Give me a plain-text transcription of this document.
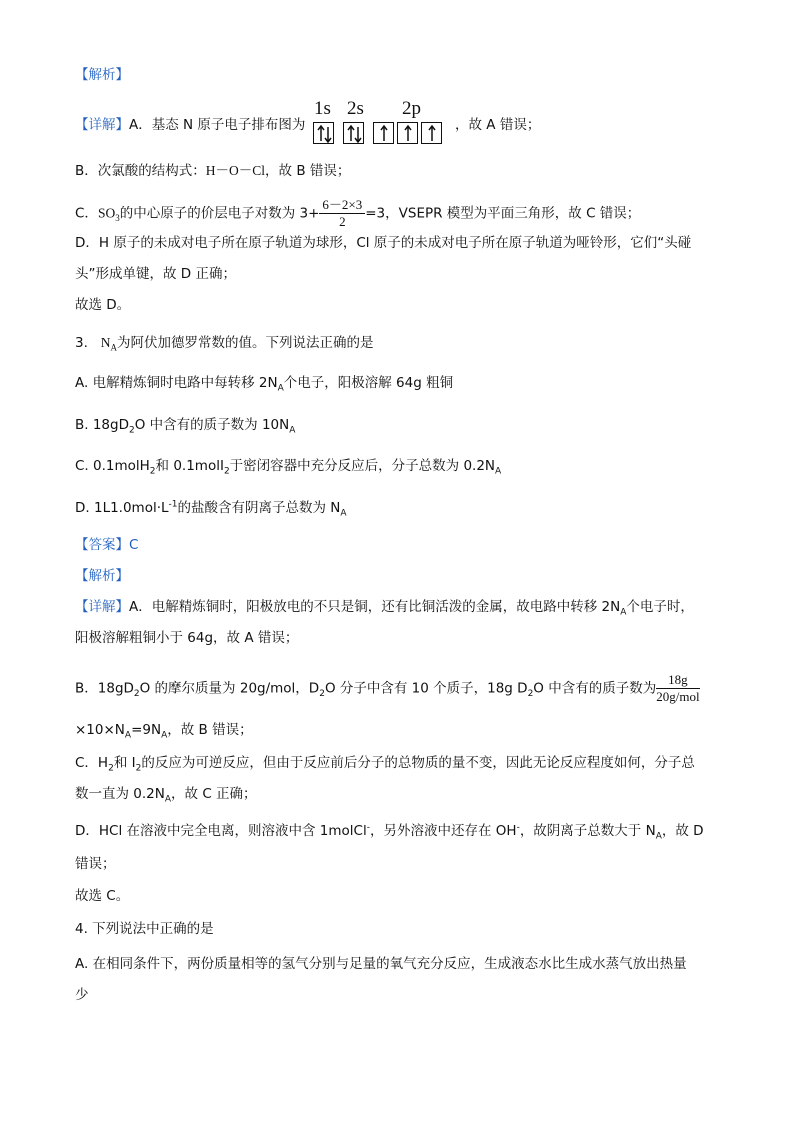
【解析】
【详解】A．基态 N 原子电子排布图为
1s 2s 2p
，故 A 错误；
B．次氯酸的结构式：H－O－Cl，故 B 错误；
C．$SO_3$的中心原子的价层电子对数为 $3+ \frac{6-2\times 3}{2} =3$，VSEPR 模型为平面三角形，故 C 错误；
D．H 原子的未成对电子所在原子轨道为球形，Cl 原子的未成对电子所在原子轨道为哑铃形，它们“头碰
头”形成单键，故 D 正确；
故选 D。
3. $N_A$为阿伏加德罗常数的值。下列说法正确的是
A. 电解精炼铜时电路中每转移 $2N_A$个电子，阳极溶解 64g 粗铜
B. $18gD_2O$ 中含有的质子数为 $10N_A$
C. 0.1molH$_2$和 0.1molI$_2$于密闭容器中充分反应后，分子总数为 $0.2N_A$
D. $1L1.0mol\cdot L^{-1}$的盐酸含有阴离子总数为 $N_A$
【答案】C
【解析】
【详解】A．电解精炼铜时，阳极放电的不只是铜，还有比铜活泼的金属，故电路中转移 $2N_A$个电子时，
阳极溶解粗铜小于 64g，故 A 错误；
B．$18gD_2O$ 的摩尔质量为 20g/mol，$D_2O$ 分子中含有 10 个质子，18g $D_2O$ 中含有的质子数为 $\frac{18g}{\text{20g/mol}}$
$\times 10\times N_A=9N_A$，故 B 错误；
C．$H_2$和 $I_2$的反应为可逆反应，但由于反应前后分子的总物质的量不变，因此无论反应程度如何，分子总
数一直为 $0.2N_A$，故 C 正确；
D．HCl 在溶液中完全电离，则溶液中含 1molCl-，另外溶液中还存在 OH-，故阴离子总数大于 $N_A$，故 D
错误；
故选 C。
4. 下列说法中正确的是
A. 在相同条件下，两份质量相等的氢气分别与足量的氧气充分反应，生成液态水比生成水蒸气放出热量
少
